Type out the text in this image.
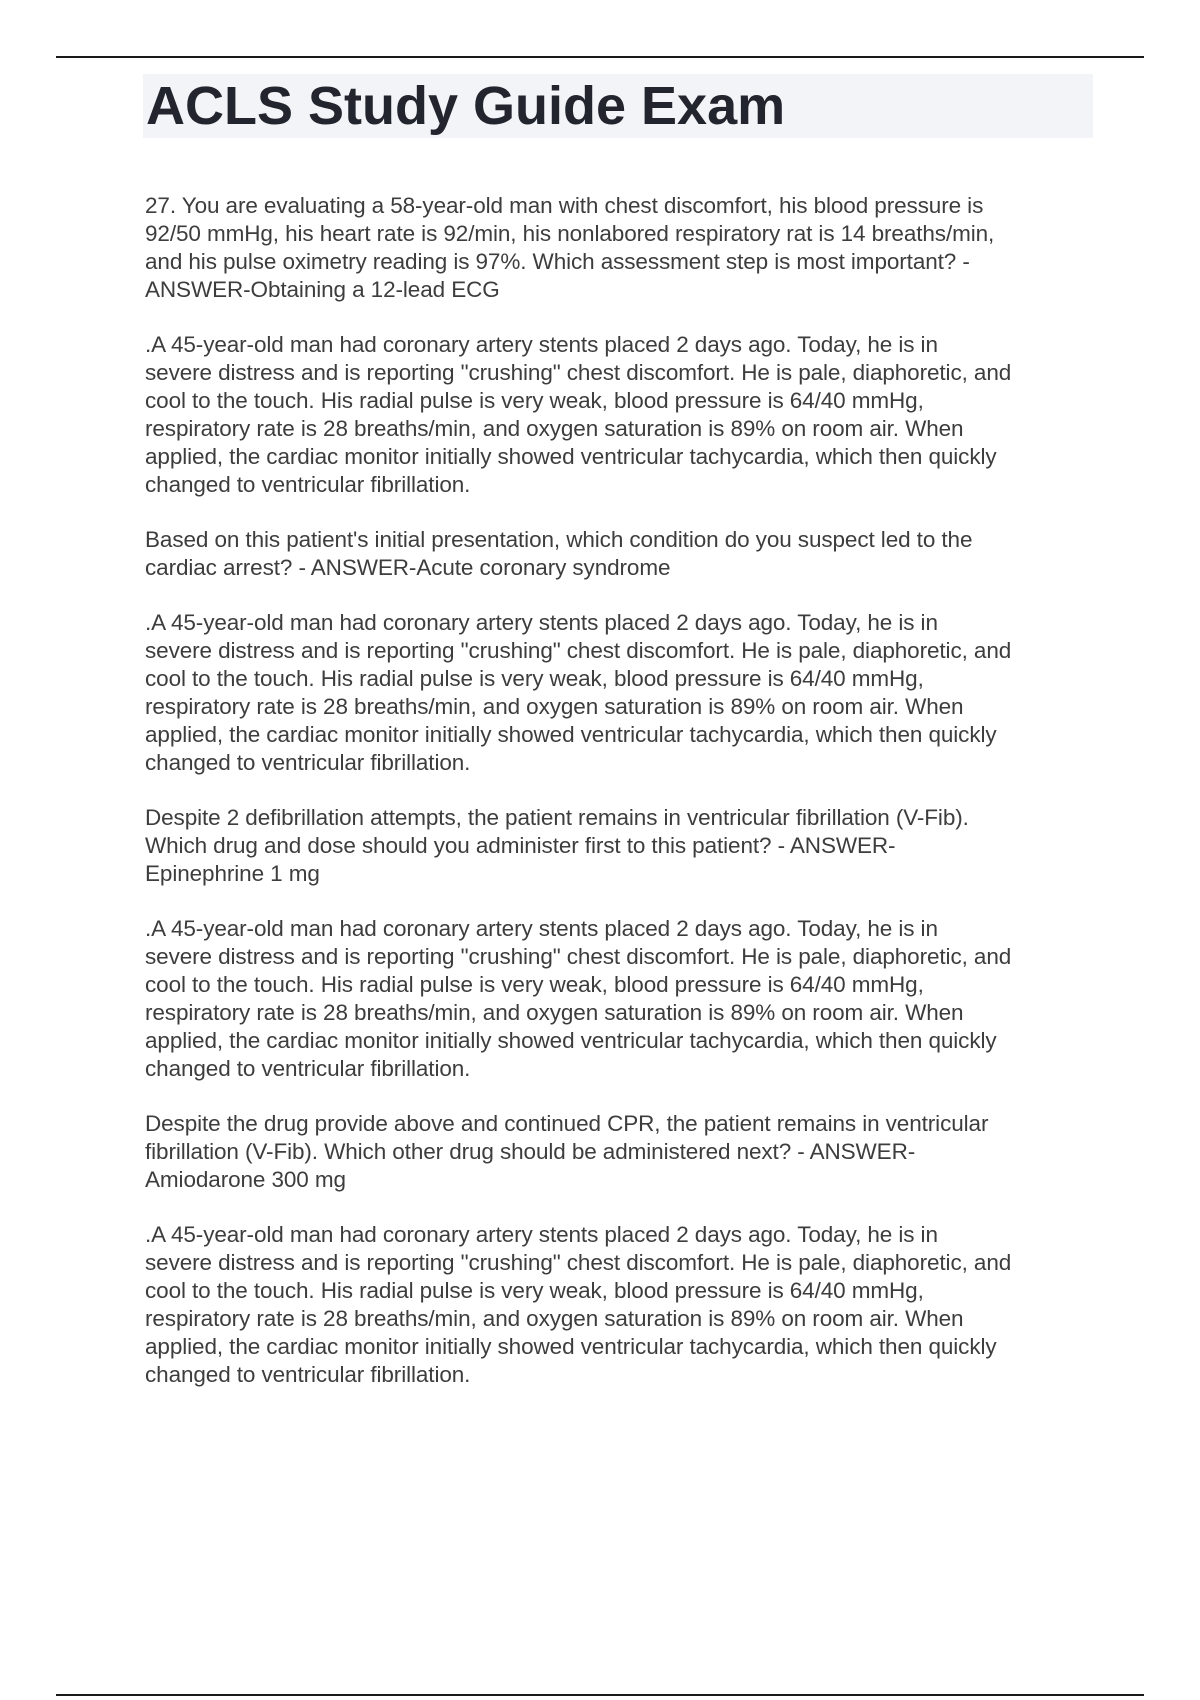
ACLS Study Guide Exam

27. You are evaluating a 58-year-old man with chest discomfort, his blood pressure is
92/50 mmHg, his heart rate is 92/min, his nonlabored respiratory rat is 14 breaths/min,
and his pulse oximetry reading is 97%. Which assessment step is most important? -
ANSWER-Obtaining a 12-lead ECG

.A 45-year-old man had coronary artery stents placed 2 days ago. Today, he is in
severe distress and is reporting "crushing" chest discomfort. He is pale, diaphoretic, and
cool to the touch. His radial pulse is very weak, blood pressure is 64/40 mmHg,
respiratory rate is 28 breaths/min, and oxygen saturation is 89% on room air. When
applied, the cardiac monitor initially showed ventricular tachycardia, which then quickly
changed to ventricular fibrillation.

Based on this patient's initial presentation, which condition do you suspect led to the
cardiac arrest? - ANSWER-Acute coronary syndrome

.A 45-year-old man had coronary artery stents placed 2 days ago. Today, he is in
severe distress and is reporting "crushing" chest discomfort. He is pale, diaphoretic, and
cool to the touch. His radial pulse is very weak, blood pressure is 64/40 mmHg,
respiratory rate is 28 breaths/min, and oxygen saturation is 89% on room air. When
applied, the cardiac monitor initially showed ventricular tachycardia, which then quickly
changed to ventricular fibrillation.

Despite 2 defibrillation attempts, the patient remains in ventricular fibrillation (V-Fib).
Which drug and dose should you administer first to this patient? - ANSWER-
Epinephrine 1 mg

.A 45-year-old man had coronary artery stents placed 2 days ago. Today, he is in
severe distress and is reporting "crushing" chest discomfort. He is pale, diaphoretic, and
cool to the touch. His radial pulse is very weak, blood pressure is 64/40 mmHg,
respiratory rate is 28 breaths/min, and oxygen saturation is 89% on room air. When
applied, the cardiac monitor initially showed ventricular tachycardia, which then quickly
changed to ventricular fibrillation.

Despite the drug provide above and continued CPR, the patient remains in ventricular
fibrillation (V-Fib). Which other drug should be administered next? - ANSWER-
Amiodarone 300 mg

.A 45-year-old man had coronary artery stents placed 2 days ago. Today, he is in
severe distress and is reporting "crushing" chest discomfort. He is pale, diaphoretic, and
cool to the touch. His radial pulse is very weak, blood pressure is 64/40 mmHg,
respiratory rate is 28 breaths/min, and oxygen saturation is 89% on room air. When
applied, the cardiac monitor initially showed ventricular tachycardia, which then quickly
changed to ventricular fibrillation.
